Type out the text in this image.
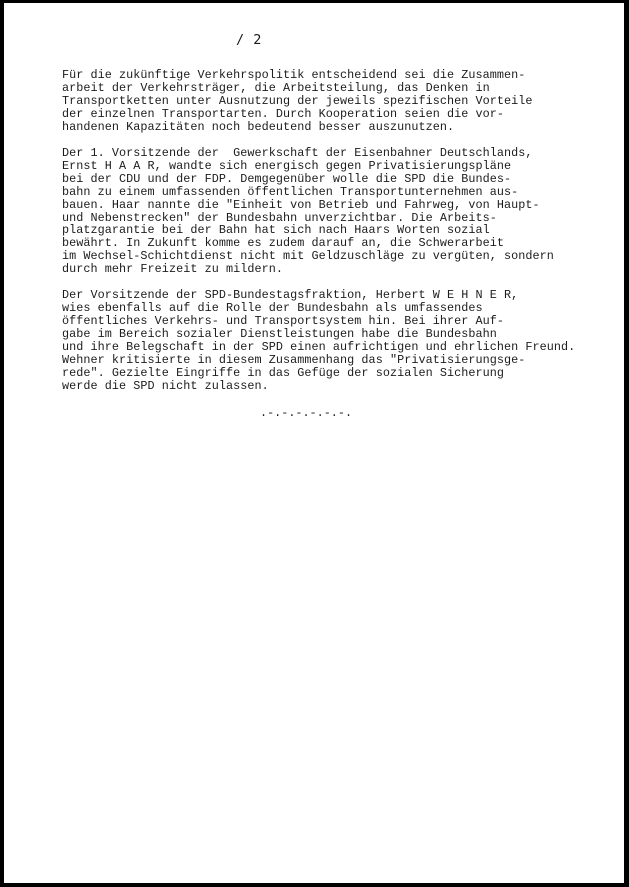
/ 2

Für die zukünftige Verkehrspolitik entscheidend sei die Zusammen-
arbeit der Verkehrsträger, die Arbeitsteilung, das Denken in
Transportketten unter Ausnutzung der jeweils spezifischen Vorteile
der einzelnen Transportarten. Durch Kooperation seien die vor-
handenen Kapazitäten noch bedeutend besser auszunutzen.

Der 1. Vorsitzende der  Gewerkschaft der Eisenbahner Deutschlands,
Ernst H A A R, wandte sich energisch gegen Privatisierungspläne
bei der CDU und der FDP. Demgegenüber wolle die SPD die Bundes-
bahn zu einem umfassenden öffentlichen Transportunternehmen aus-
bauen. Haar nannte die "Einheit von Betrieb und Fahrweg, von Haupt-
und Nebenstrecken" der Bundesbahn unverzichtbar. Die Arbeits-
platzgarantie bei der Bahn hat sich nach Haars Worten sozial
bewährt. In Zukunft komme es zudem darauf an, die Schwerarbeit
im Wechsel-Schichtdienst nicht mit Geldzuschläge zu vergüten, sondern
durch mehr Freizeit zu mildern.

Der Vorsitzende der SPD-Bundestagsfraktion, Herbert W E H N E R,
wies ebenfalls auf die Rolle der Bundesbahn als umfassendes
öffentliches Verkehrs- und Transportsystem hin. Bei ihrer Auf-
gabe im Bereich sozialer Dienstleistungen habe die Bundesbahn
und ihre Belegschaft in der SPD einen aufrichtigen und ehrlichen Freund.
Wehner kritisierte in diesem Zusammenhang das "Privatisierungsge-
rede". Gezielte Eingriffe in das Gefüge der sozialen Sicherung
werde die SPD nicht zulassen.

.-.-.-.-.-.-.
